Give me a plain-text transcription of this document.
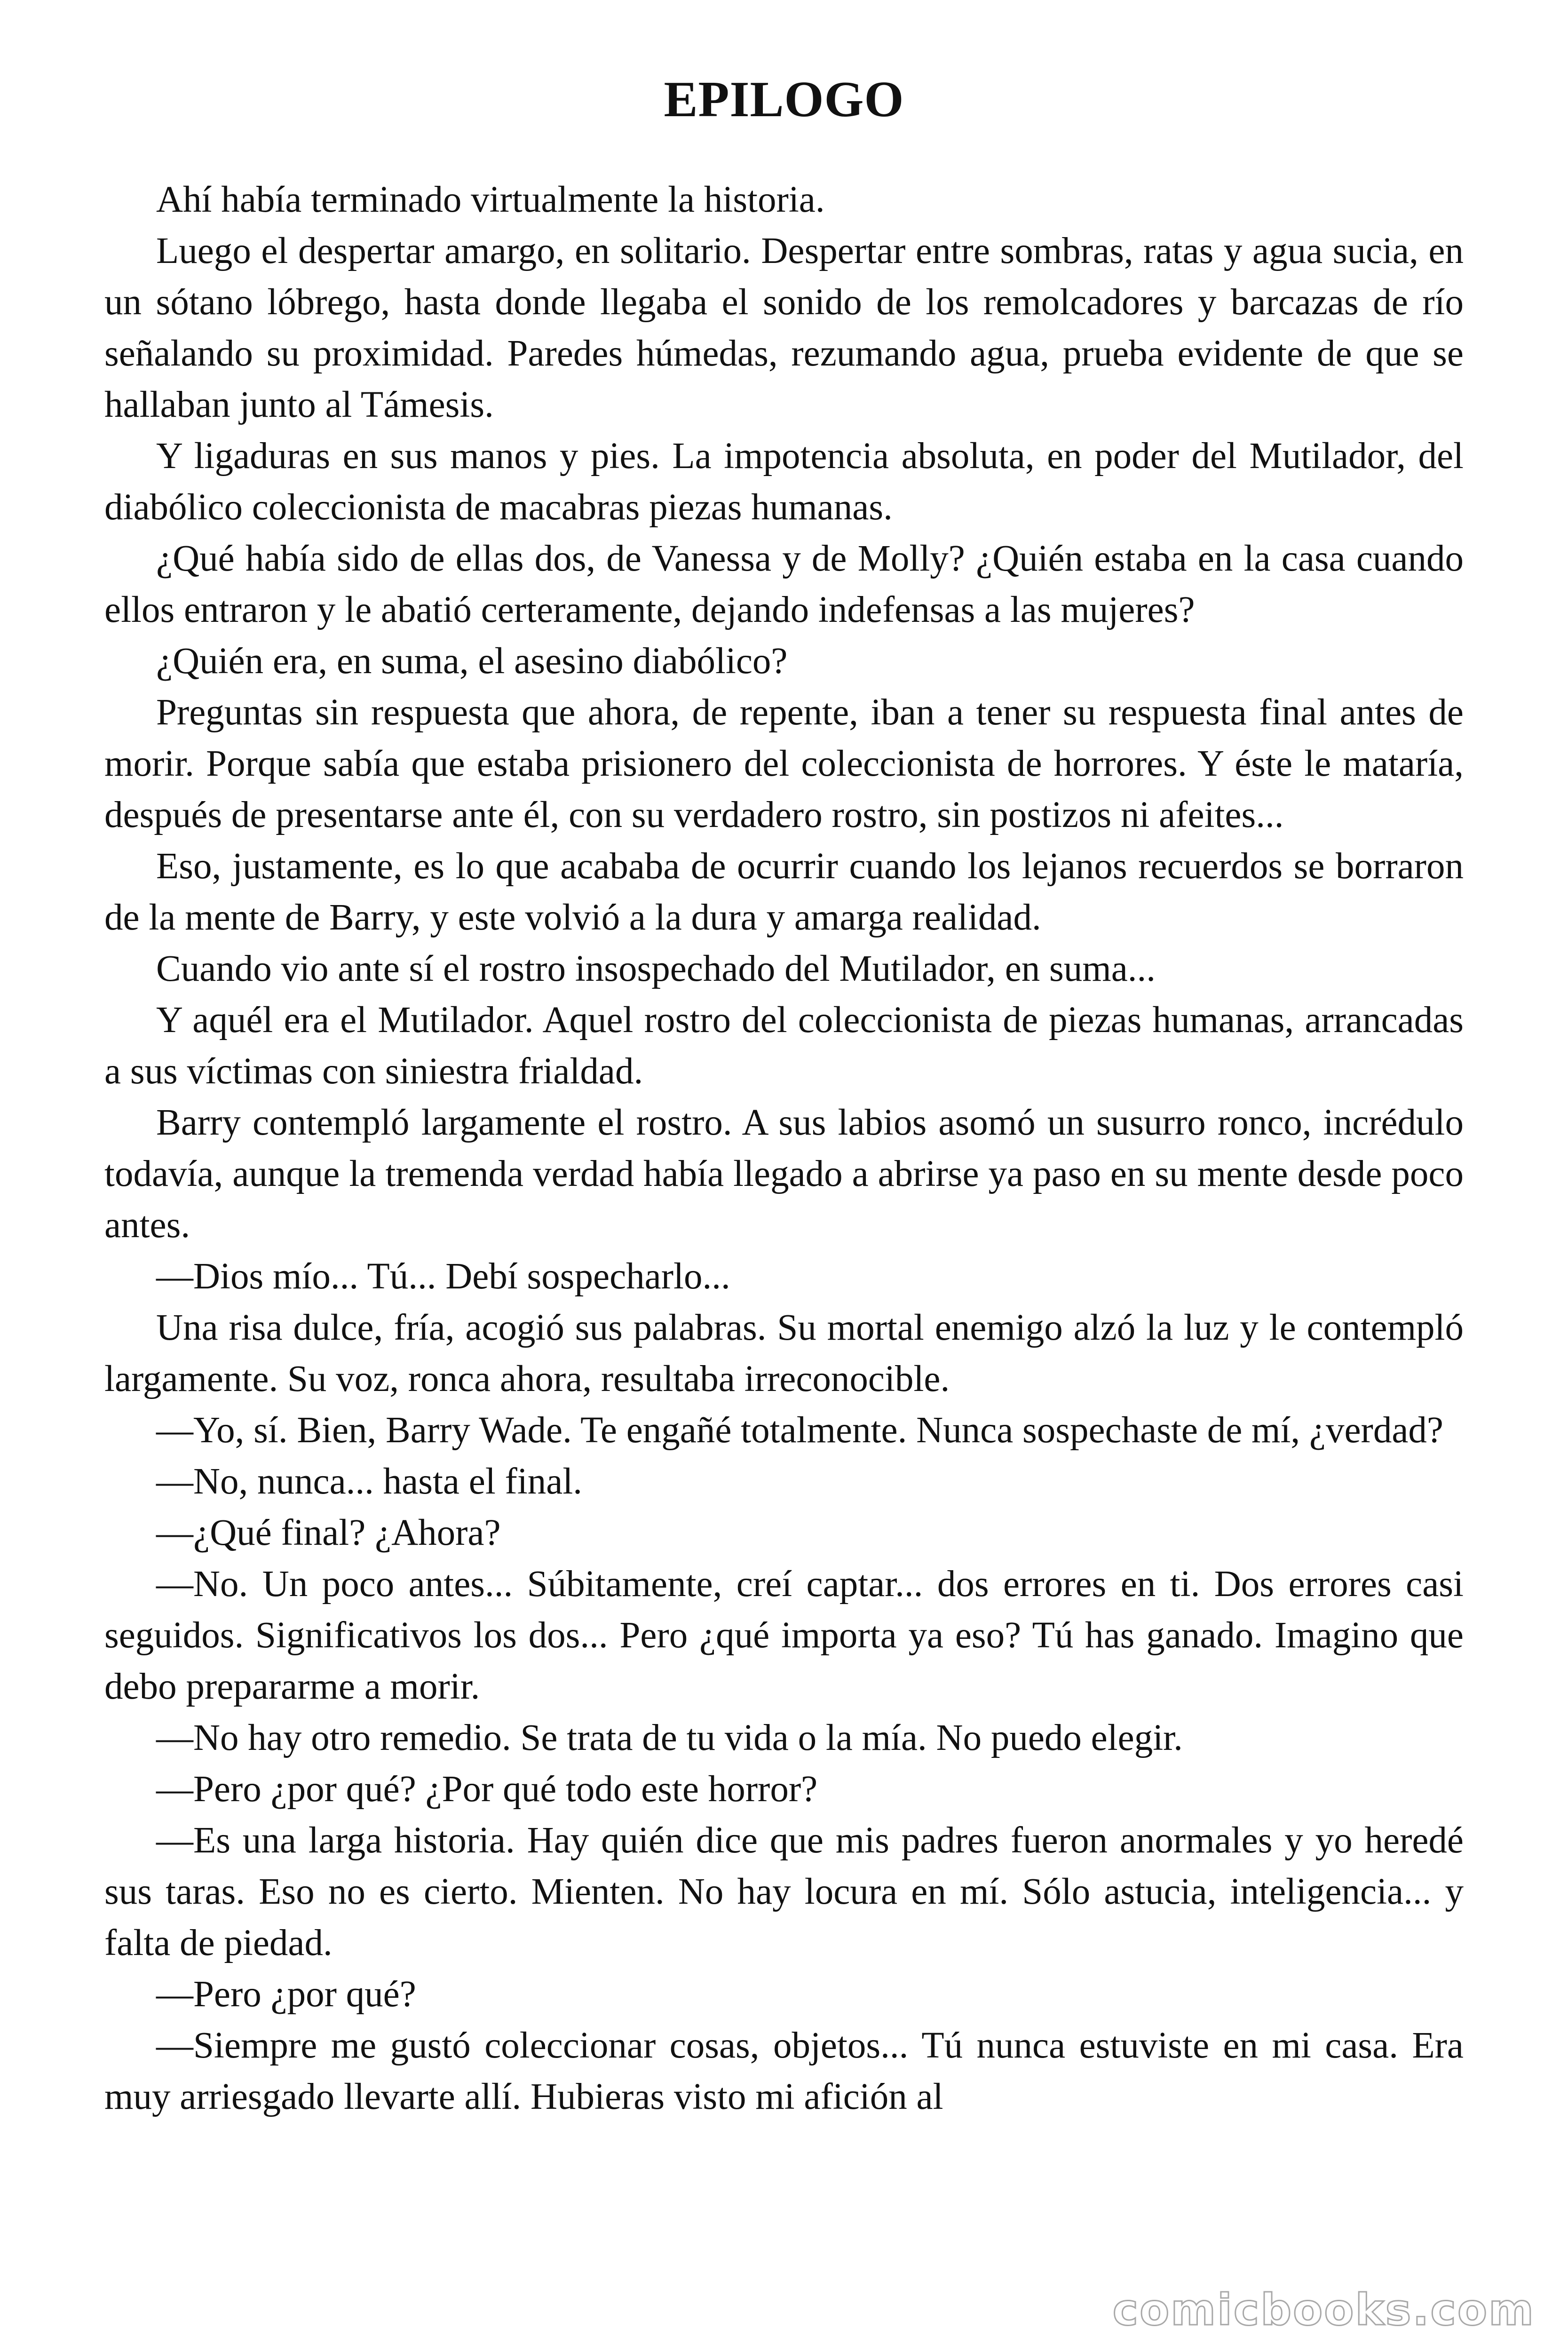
EPILOGO

Ahí había terminado virtualmente la historia.

Luego el despertar amargo, en solitario. Despertar entre sombras, ratas y agua sucia, en un sótano lóbrego, hasta donde llegaba el sonido de los remolcadores y barcazas de río señalando su proximidad. Paredes húmedas, rezumando agua, prueba evidente de que se hallaban junto al Támesis.

Y ligaduras en sus manos y pies. La impotencia absoluta, en poder del Mutilador, del diabólico coleccionista de macabras piezas humanas.

¿Qué había sido de ellas dos, de Vanessa y de Molly? ¿Quién estaba en la casa cuando ellos entraron y le abatió certeramente, dejando indefensas a las mujeres?

¿Quién era, en suma, el asesino diabólico?

Preguntas sin respuesta que ahora, de repente, iban a tener su respuesta final antes de morir. Porque sabía que estaba prisionero del coleccionista de horrores. Y éste le mataría, después de presentarse ante él, con su verdadero rostro, sin postizos ni afeites...

Eso, justamente, es lo que acababa de ocurrir cuando los lejanos recuerdos se borraron de la mente de Barry, y este volvió a la dura y amarga realidad.

Cuando vio ante sí el rostro insospechado del Mutilador, en suma...

Y aquél era el Mutilador. Aquel rostro del coleccionista de piezas humanas, arrancadas a sus víctimas con siniestra frialdad.

Barry contempló largamente el rostro. A sus labios asomó un susurro ronco, incrédulo todavía, aunque la tremenda verdad había llegado a abrirse ya paso en su mente desde poco antes.

—Dios mío... Tú... Debí sospecharlo...

Una risa dulce, fría, acogió sus palabras. Su mortal enemigo alzó la luz y le contempló largamente. Su voz, ronca ahora, resultaba irreconocible.

—Yo, sí. Bien, Barry Wade. Te engañé totalmente. Nunca sospechaste de mí, ¿verdad?

—No, nunca... hasta el final.

—¿Qué final? ¿Ahora?

—No. Un poco antes... Súbitamente, creí captar... dos errores en ti. Dos errores casi seguidos. Significativos los dos... Pero ¿qué importa ya eso? Tú has ganado. Imagino que debo prepararme a morir.

—No hay otro remedio. Se trata de tu vida o la mía. No puedo elegir.

—Pero ¿por qué? ¿Por qué todo este horror?

—Es una larga historia. Hay quién dice que mis padres fueron anormales y yo heredé sus taras. Eso no es cierto. Mienten. No hay locura en mí. Sólo astucia, inteligencia... y falta de piedad.

—Pero ¿por qué?

—Siempre me gustó coleccionar cosas, objetos... Tú nunca estuviste en mi casa. Era muy arriesgado llevarte allí. Hubieras visto mi afición al

comicbooks.com
